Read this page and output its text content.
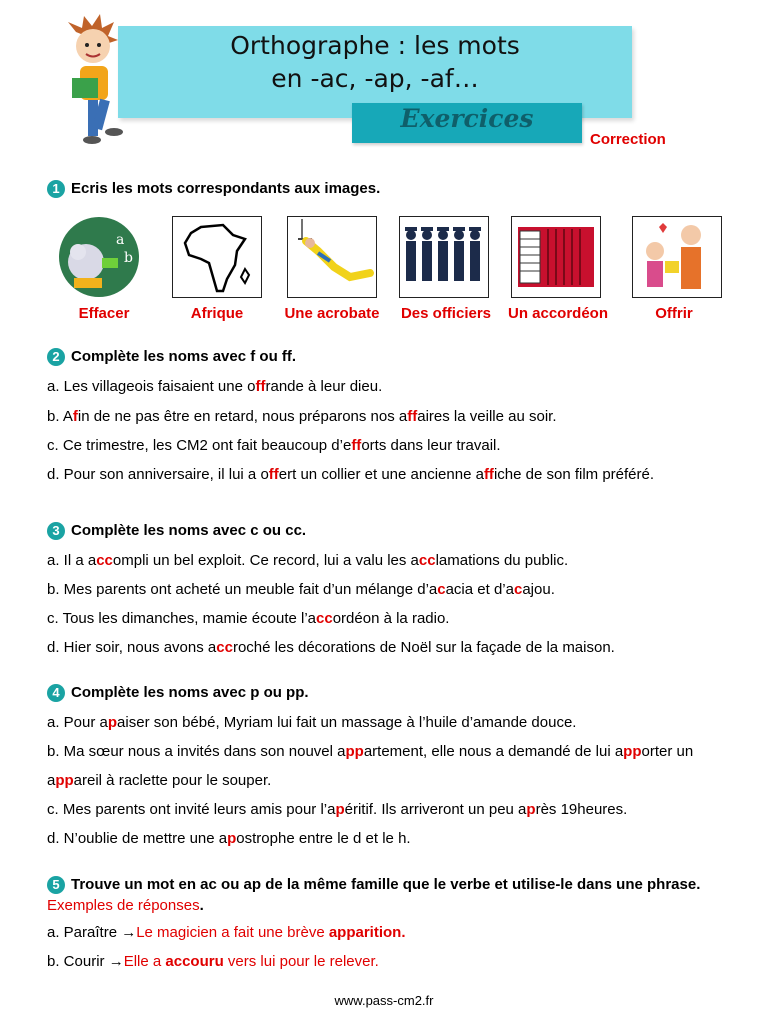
Orthographe : les mots
en -ac, -ap, -af…
Exercices
Correction
1 Ecris les mots correspondants aux images.
a
b
Effacer	Afrique	Une acrobate	Des officiers	Un accordéon	Offrir
2 Complète les noms avec f ou ff.
a. Les villageois faisaient une offrande à leur dieu.
b. Afin de ne pas être en retard, nous préparons nos affaires la veille au soir.
c. Ce trimestre, les CM2 ont fait beaucoup d’efforts dans leur travail.
d. Pour son anniversaire, il lui a offert un collier et une ancienne affiche de son film préféré.
3 Complète les noms avec c ou cc.
a. Il a accompli un bel exploit. Ce record, lui a valu les acclamations du public.
b. Mes parents ont acheté un meuble fait d’un mélange d’acacia et d’acajou.
c. Tous les dimanches, mamie écoute l’accordéon à la radio.
d. Hier soir, nous avons accroché les décorations de Noël sur la façade de la maison.
4 Complète les noms avec p ou pp.
a. Pour apaiser son bébé, Myriam lui fait un massage à l’huile d’amande douce.
b. Ma sœur nous a invités dans son nouvel appartement, elle nous a demandé de lui apporter un
appareil à raclette pour le souper.
c. Mes parents ont invité leurs amis pour l’apéritif. Ils arriveront un peu après 19heures.
d. N’oublie de mettre une apostrophe entre le d et le h.
5 Trouve un mot en ac ou ap de la même famille que le verbe et utilise-le dans une phrase.
Exemples de réponses.
a. Paraître →Le magicien a fait une brève apparition.
b. Courir →Elle a accouru vers lui pour le relever.
www.pass-cm2.fr
